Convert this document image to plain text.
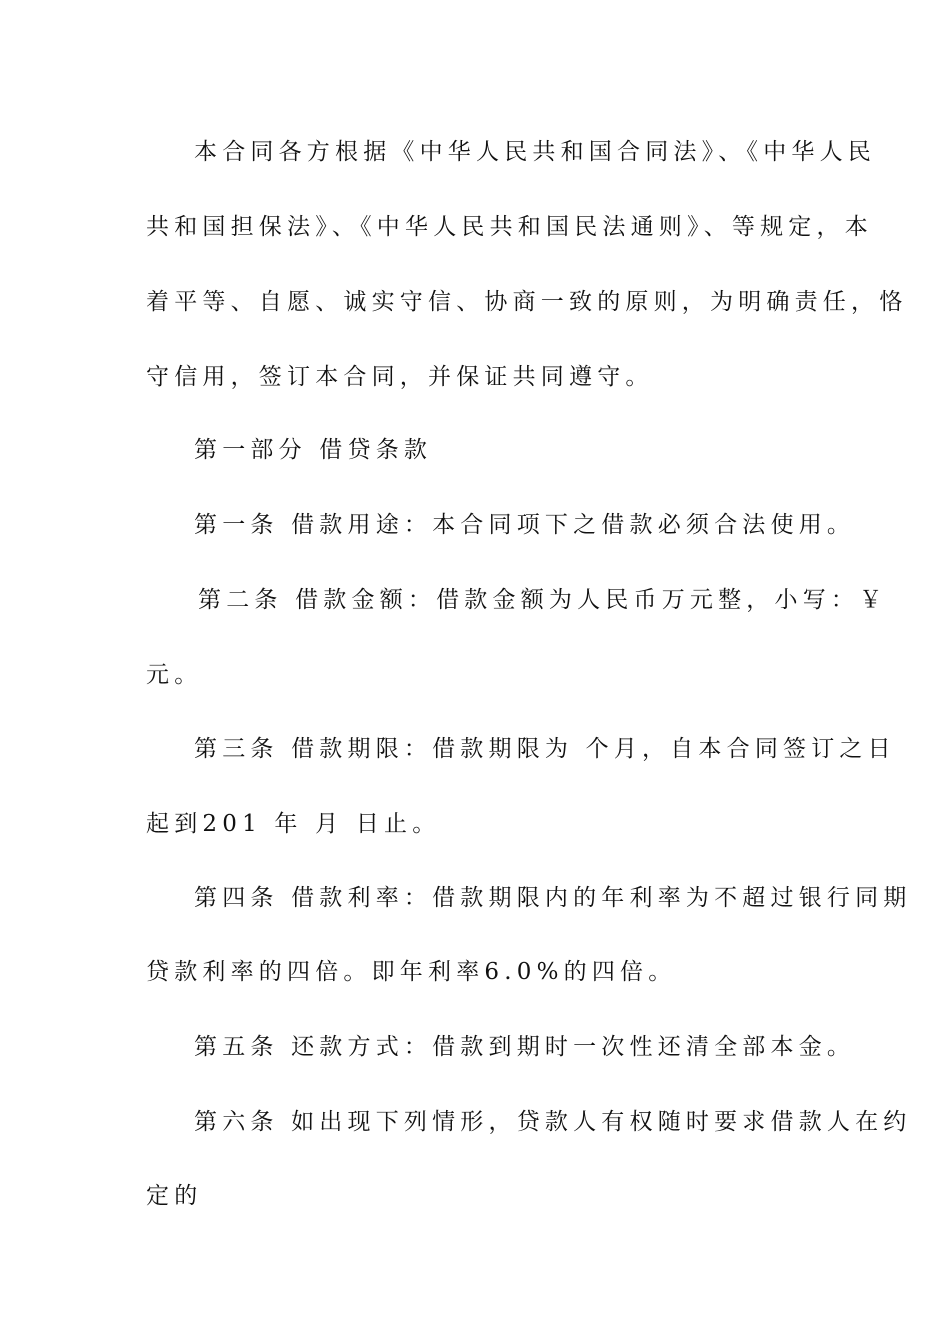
本合同各方根据《中华人民共和国合同法》、《中华人民
共和国担保法》、《中华人民共和国民法通则》、等规定，本
着平等、自愿、诚实守信、协商一致的原则，为明确责任，恪
守信用，签订本合同，并保证共同遵守。
第一部分 借贷条款
第一条 借款用途：本合同项下之借款必须合法使用。
第二条 借款金额：借款金额为人民币万元整，小写：￥
元。
第三条 借款期限：借款期限为 个月，自本合同签订之日
起到201 年 月 日止。
第四条 借款利率：借款期限内的年利率为不超过银行同期
贷款利率的四倍。即年利率6.0%的四倍。
第五条 还款方式：借款到期时一次性还清全部本金。
第六条 如出现下列情形，贷款人有权随时要求借款人在约
定的
